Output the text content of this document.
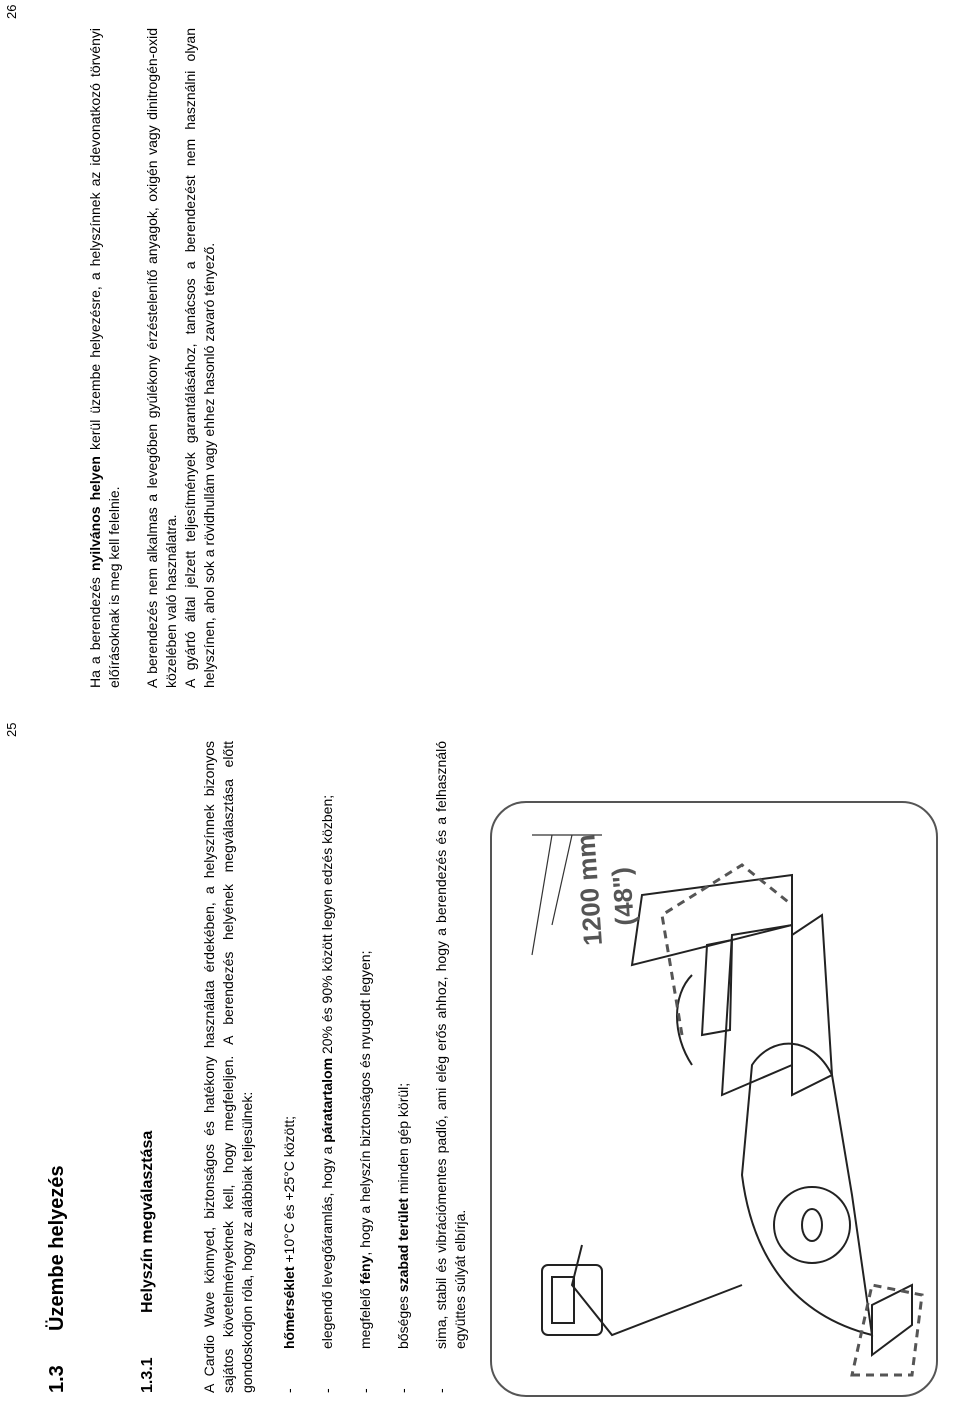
25
1.3Üzembe helyezés
1.3.1Helyszín megválasztása	A Cardio Wave könnyed, biztonságos és hatékony használata érdekében, a helyszínnek bizonyos sajátos követelményeknek kell, hogy megfeleljen. A berendezés helyének megválasztása előtt gondoskodjon róla, hogy az alábbiak teljesülnek: -
hőmérséklet +10°C és +25°C között;
-
elegendő levegőáramlás, hogy a páratartalom 20% és 90% között legyen edzés közben;
-
megfelelő fény, hogy a helyszín biztonságos és nyugodt legyen;
-
bőséges szabad terület minden gép körül;
-
sima, stabil és vibrációmentes padló, ami elég erős ahhoz, hogy a berendezés és a felhasználó együttes súlyát elbírja.
1200 mm
(48")
26
Ha a berendezés nyilvános helyen kerül üzembe helyezésre, a helyszínnek az idevonatkozó törvényi előírásoknak is meg kell felelnie. A berendezés nem alkalmas a levegőben gyúlékony érzéstelenítő anyagok, oxigén vagy dinitrogén-oxid közelében való használatra. A gyártó által jelzett teljesítmények garantálásához, tanácsos a berendezést nem használni olyan helyszínen, ahol sok a rövidhullám vagy ehhez hasonló zavaró tényező.
